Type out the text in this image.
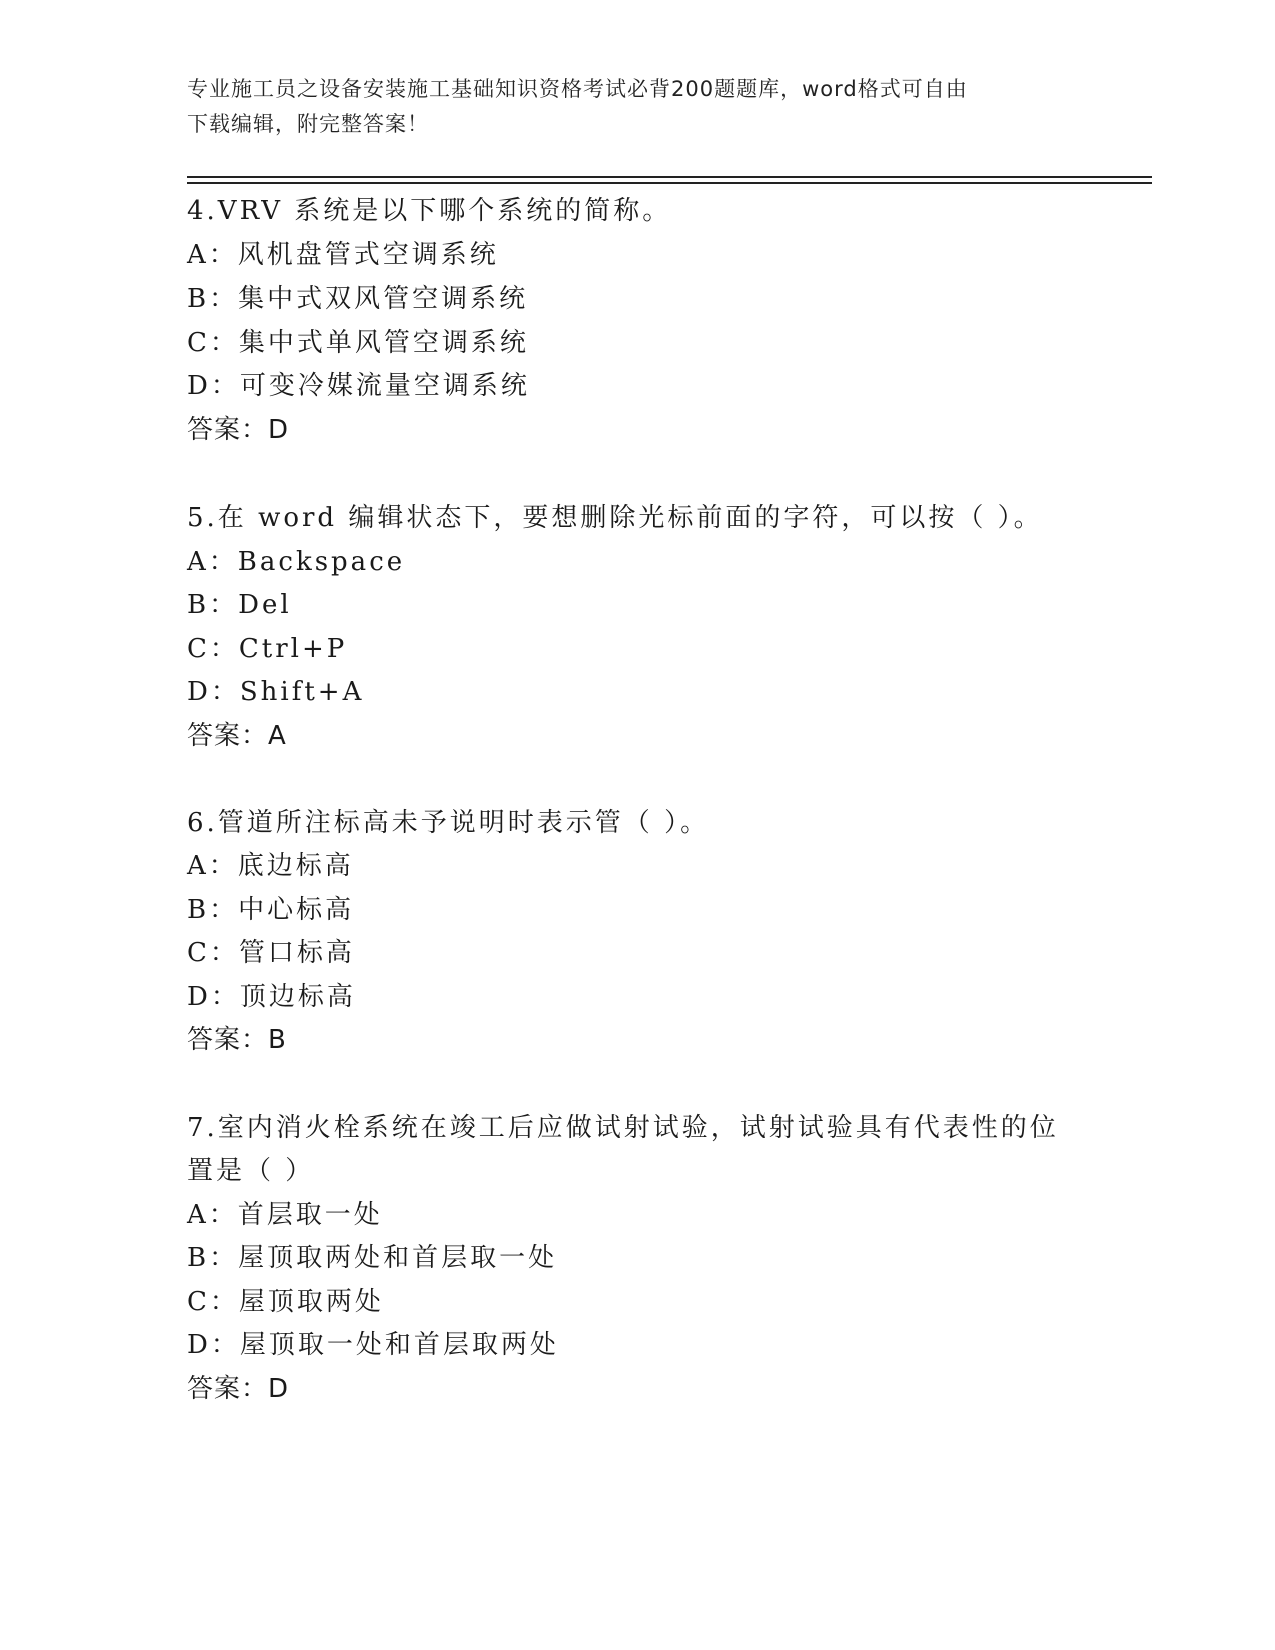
专业施工员之设备安装施工基础知识资格考试必背200题题库，word格式可自由
下载编辑，附完整答案！
4.VRV 系统是以下哪个系统的简称。
A：风机盘管式空调系统
B：集中式双风管空调系统
C：集中式单风管空调系统
D：可变冷媒流量空调系统
答案：D
5.在 word 编辑状态下，要想删除光标前面的字符，可以按（ ）。
A：Backspace
B：Del
C：Ctrl+P
D：Shift+A
答案：A
6.管道所注标高未予说明时表示管（ ）。
A：底边标高
B：中心标高
C：管口标高
D：顶边标高
答案：B
7.室内消火栓系统在竣工后应做试射试验，试射试验具有代表性的位
置是（ ）
A：首层取一处
B：屋顶取两处和首层取一处
C：屋顶取两处
D：屋顶取一处和首层取两处
答案：D
